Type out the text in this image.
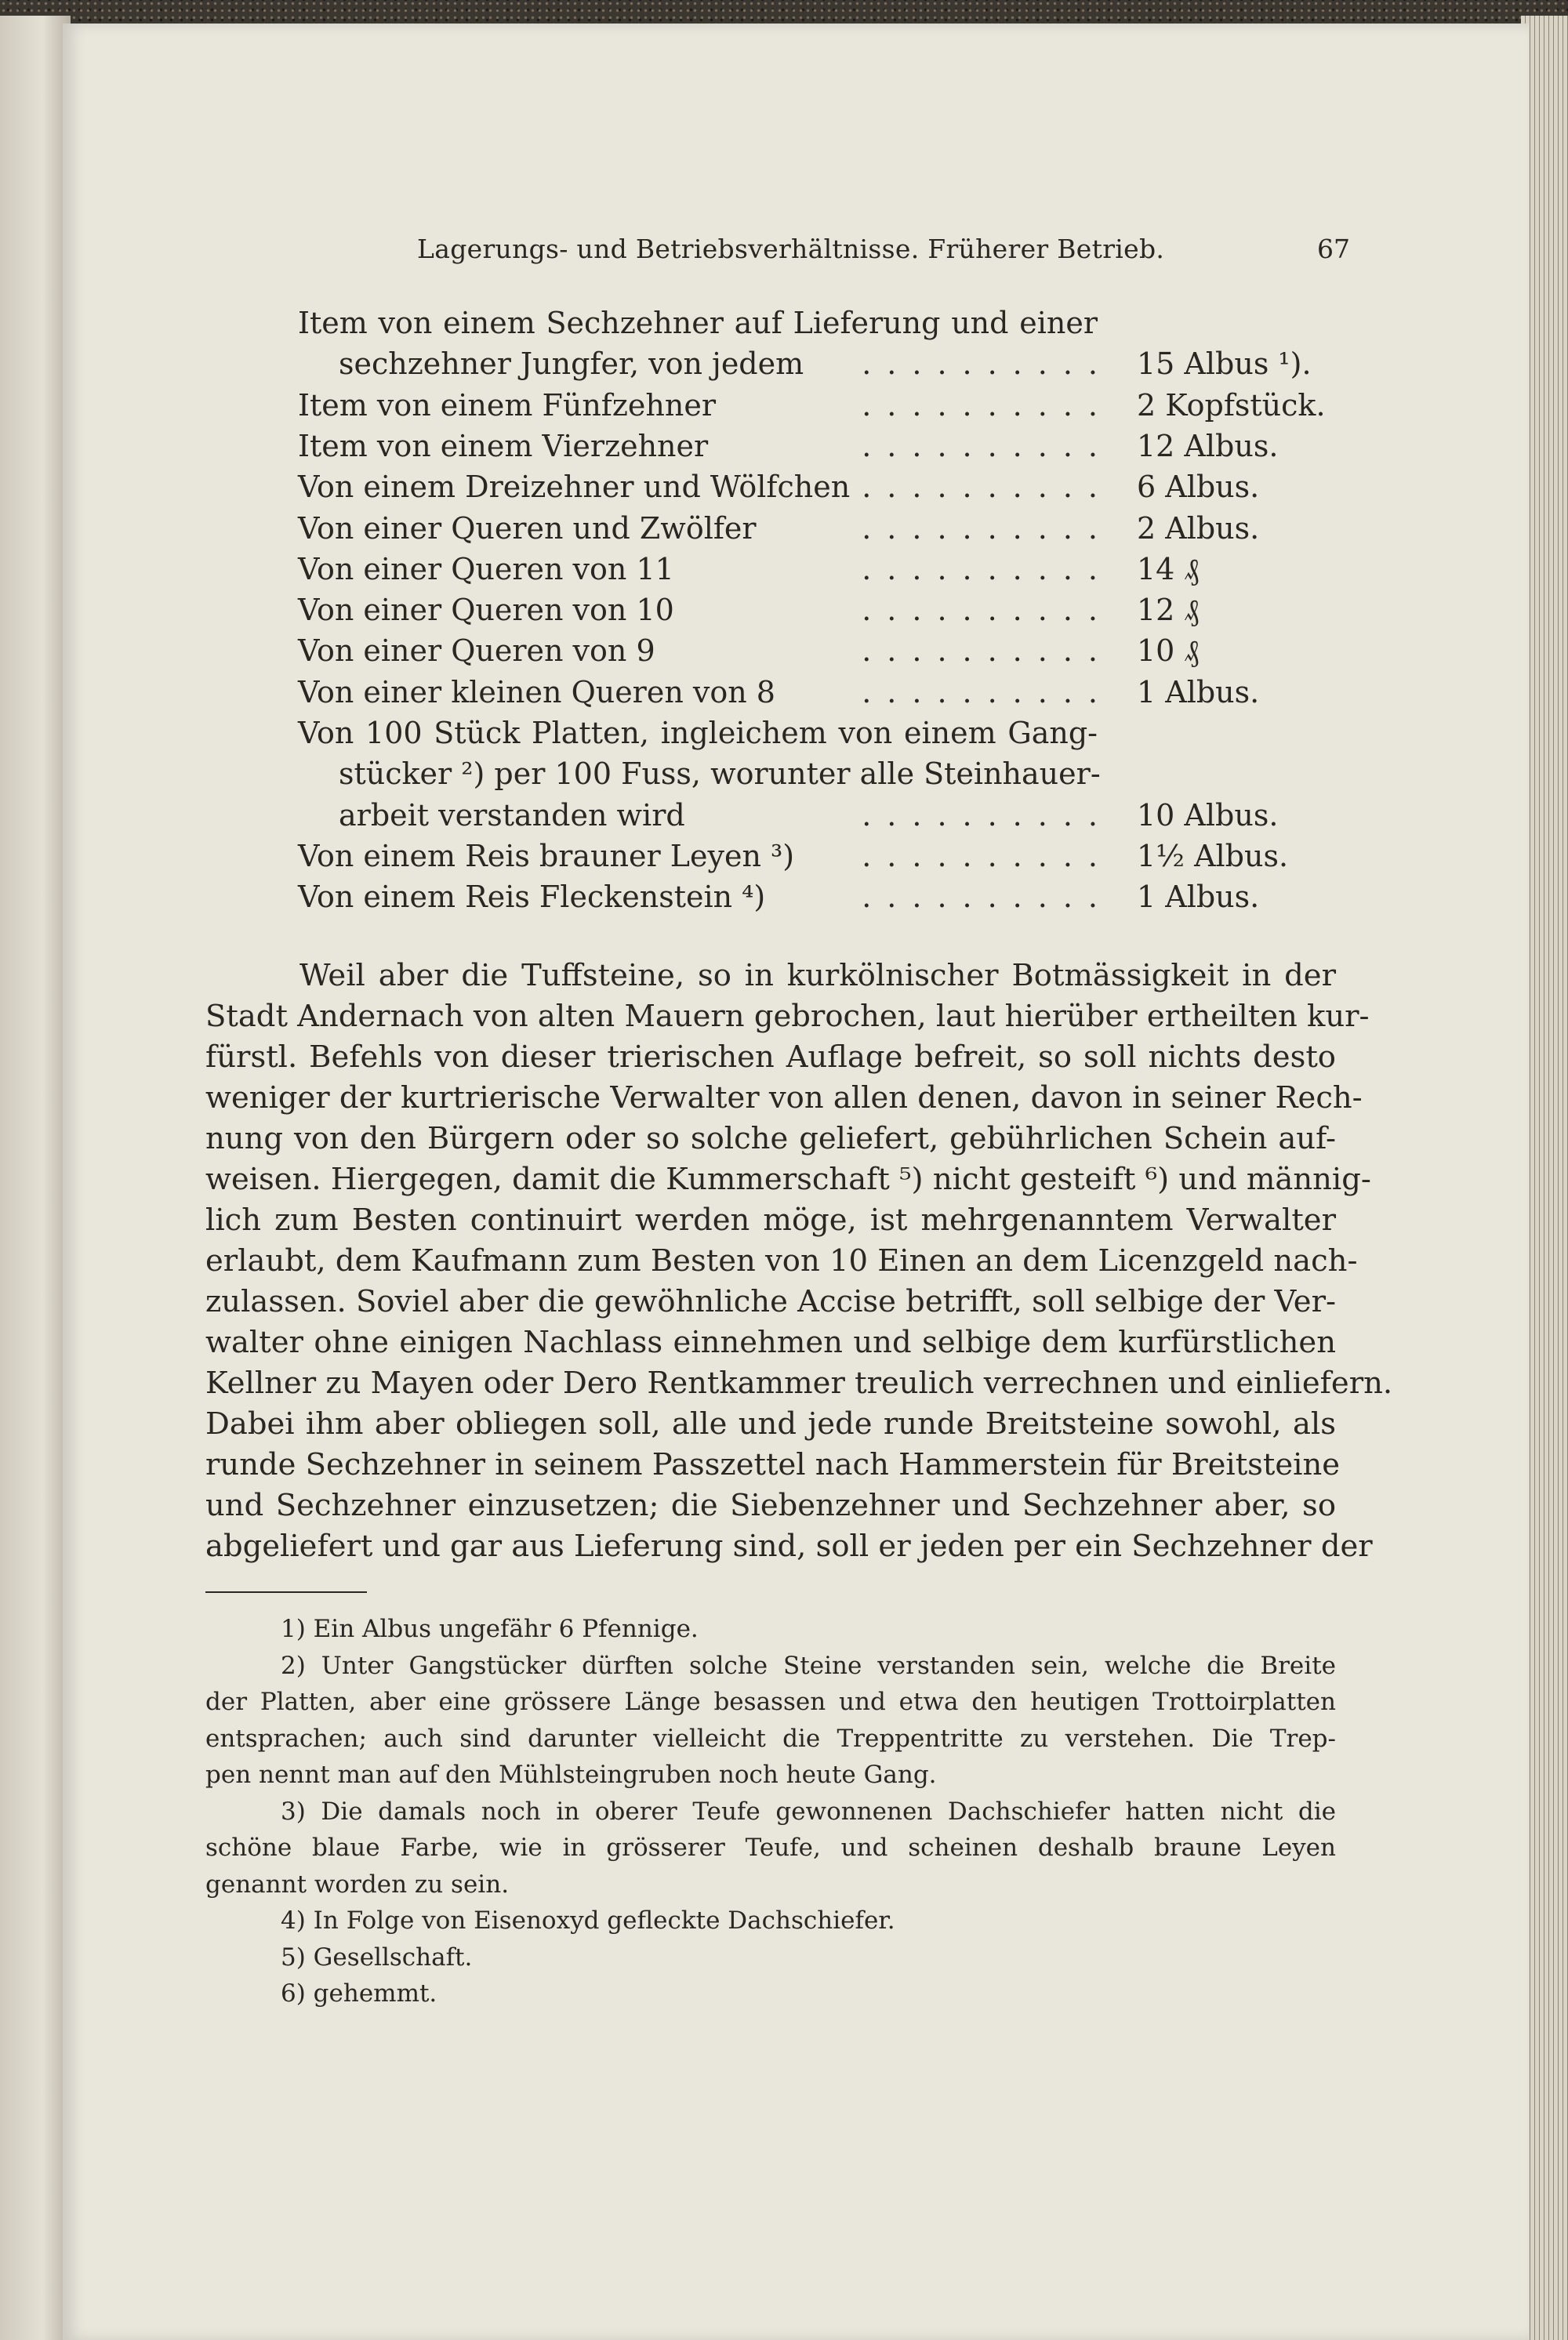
Lagerungs- und Betriebsverhältnisse. Früherer Betrieb.	67
Item von einem Sechzehner auf Lieferung und einer
sechzehner Jungfer, von jedem .......... 15 Albus ¹).
Item von einem Fünfzehner	.......... 2 Kopfstück.
Item von einem Vierzehner	.......... 12 Albus.
Von einem Dreizehner und Wölfchen .......... 6 Albus.
Von einer Queren und Zwölfer	.......... 2 Albus.
Von einer Queren von 11	.......... 14 ₰
Von einer Queren von 10	.......... 12 ₰
Von einer Queren von 9	.......... 10 ₰
Von einer kleinen Queren von 8	.......... 1 Albus.
Von 100 Stück Platten, ingleichem von einem Gang-
stücker ²) per 100 Fuss, worunter alle Steinhauer-
arbeit verstanden wird	.......... 10 Albus.
Von einem Reis brauner Leyen ³) .......... 1½ Albus.
Von einem Reis Fleckenstein ⁴)	.......... 1 Albus.
Weil aber die Tuffsteine, so in kurkölnischer Botmässigkeit in der
Stadt Andernach von alten Mauern gebrochen, laut hierüber ertheilten kur-
fürstl. Befehls von dieser trierischen Auflage befreit, so soll nichts desto
weniger der kurtrierische Verwalter von allen denen, davon in seiner Rech-
nung von den Bürgern oder so solche geliefert, gebührlichen Schein auf-
weisen. Hiergegen, damit die Kummerschaft ⁵) nicht gesteift ⁶) und männig-
lich zum Besten continuirt werden möge, ist mehrgenanntem Verwalter
erlaubt, dem Kaufmann zum Besten von 10 Einen an dem Licenzgeld nach-
zulassen. Soviel aber die gewöhnliche Accise betrifft, soll selbige der Ver-
walter ohne einigen Nachlass einnehmen und selbige dem kurfürstlichen
Kellner zu Mayen oder Dero Rentkammer treulich verrechnen und einliefern.
Dabei ihm aber obliegen soll, alle und jede runde Breitsteine sowohl, als
runde Sechzehner in seinem Passzettel nach Hammerstein für Breitsteine
und Sechzehner einzusetzen; die Siebenzehner und Sechzehner aber, so
abgeliefert und gar aus Lieferung sind, soll er jeden per ein Sechzehner der
1) Ein Albus ungefähr 6 Pfennige.
2) Unter Gangstücker dürften solche Steine verstanden sein, welche die Breite
der Platten, aber eine grössere Länge besassen und etwa den heutigen Trottoirplatten
entsprachen; auch sind darunter vielleicht die Treppentritte zu verstehen. Die Trep-
pen nennt man auf den Mühlsteingruben noch heute Gang.
3) Die damals noch in oberer Teufe gewonnenen Dachschiefer hatten nicht die
schöne blaue Farbe, wie in grösserer Teufe, und scheinen deshalb braune Leyen
genannt worden zu sein.
4) In Folge von Eisenoxyd gefleckte Dachschiefer.
5) Gesellschaft.
6) gehemmt.
